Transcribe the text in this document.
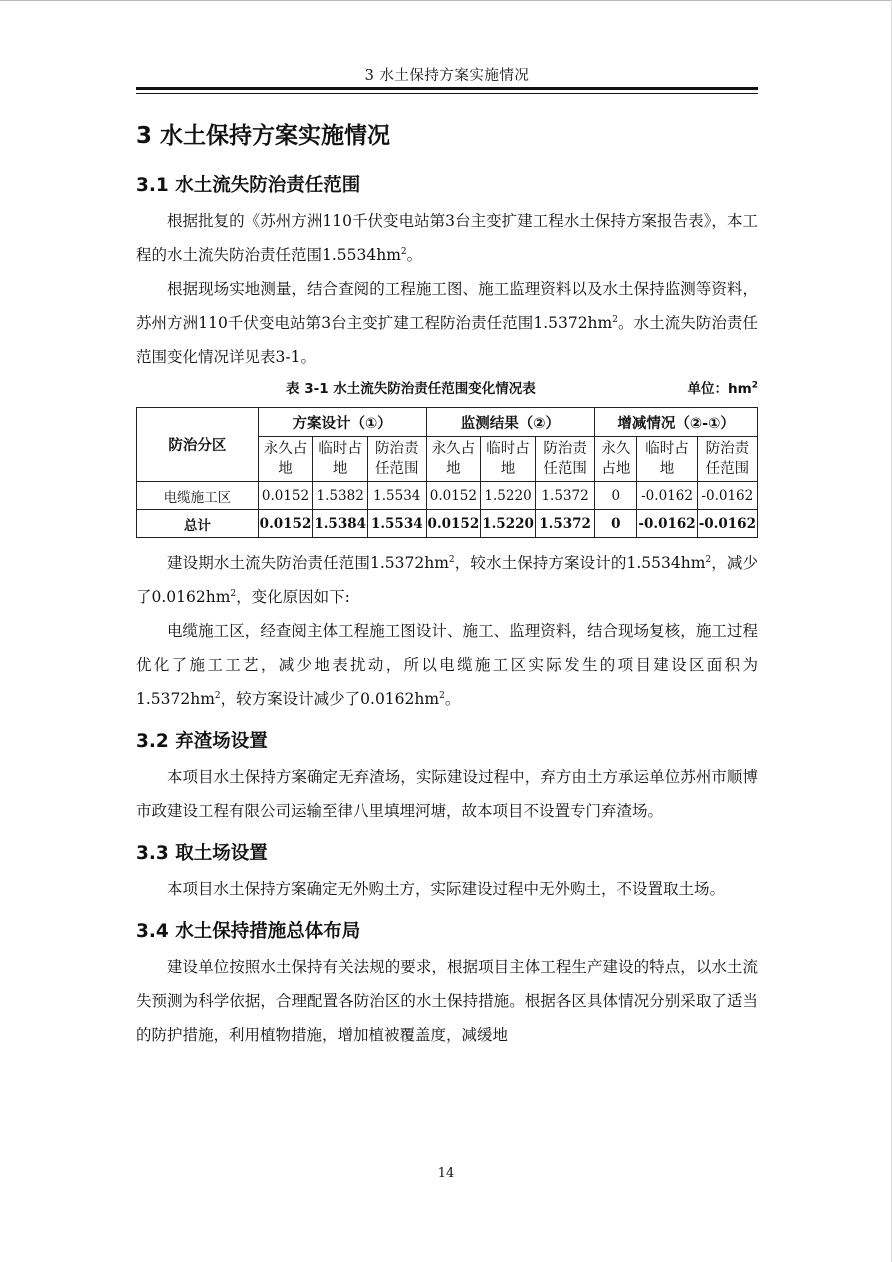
3 水土保持方案实施情况
3 水土保持方案实施情况
3.1 水土流失防治责任范围

根据批复的《苏州方洲110千伏变电站第3台主变扩建工程水土保持方案报告表》，本工程的水土流失防治责任范围$1.5534hm^2$。

根据现场实地测量，结合查阅的工程施工图、施工监理资料以及水土保持监测等资料，苏州方洲110千伏变电站第3台主变扩建工程防治责任范围$1.5372hm^2$。水土流失防治责任范围变化情况详见表3-1。

表 3-1 水土流失防治责任范围变化情况表	单位：$hm^2$
防治分区	方案设计（①）			监测结果（②）			增减情况（②-①）		
	永久占地	临时占地	防治责任范围	永久占地	临时占地	防治责任范围	永久占地	临时占地	防治责任范围
电缆施工区	0.0152	1.5382	1.5534	0.0152	1.5220	1.5372	0	-0.0162	-0.0162
总计	0.0152	1.5384	1.5534	0.0152	1.5220	1.5372	0	-0.0162	-0.0162

建设期水土流失防治责任范围$1.5372hm^2$，较水土保持方案设计的$1.5534hm^2$，减少了$0.0162hm^2$，变化原因如下:

电缆施工区，经查阅主体工程施工图设计、施工、监理资料，结合现场复核，施工过程优化了施工工艺，减少地表扰动，所以电缆施工区实际发生的项目建设区面积为$1.5372hm^2$，较方案设计减少了$0.0162hm^2$。

3.2 弃渣场设置

本项目水土保持方案确定无弃渣场，实际建设过程中，弃方由土方承运单位苏州市顺博市政建设工程有限公司运输至律八里填埋河塘，故本项目不设置专门弃渣场。

3.3 取土场设置

本项目水土保持方案确定无外购土方，实际建设过程中无外购土，不设置取土场。

3.4 水土保持措施总体布局

建设单位按照水土保持有关法规的要求，根据项目主体工程生产建设的特点，以水土流失预测为科学依据，合理配置各防治区的水土保持措施。根据各区具体情况分别采取了适当的防护措施，利用植物措施，增加植被覆盖度，减缓地

14
